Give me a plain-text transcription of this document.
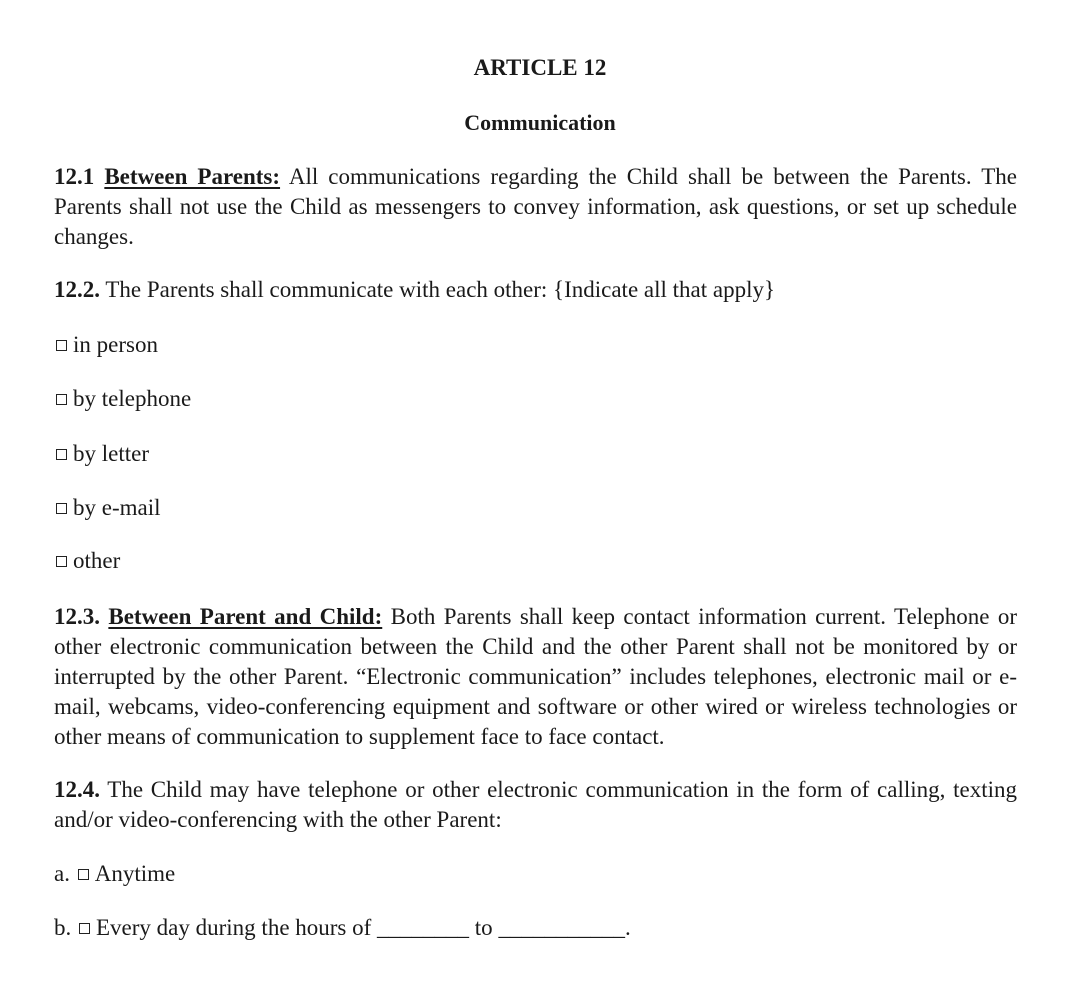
ARTICLE 12
Communication
12.1 Between Parents: All communications regarding the Child shall be between the Parents. The Parents shall not use the Child as messengers to convey information, ask questions, or set up schedule changes.
12.2. The Parents shall communicate with each other: {Indicate all that apply}
in person
by telephone
by letter
by e-mail
other
12.3. Between Parent and Child: Both Parents shall keep contact information current. Telephone or other electronic communication between the Child and the other Parent shall not be monitored by or interrupted by the other Parent. “Electronic communication” includes telephones, electronic mail or e-mail, webcams, video-conferencing equipment and software or other wired or wireless technologies or other means of communication to supplement face to face contact.
12.4. The Child may have telephone or other electronic communication in the form of calling, texting and/or video-conferencing with the other Parent:
a. Anytime
b. Every day during the hours of ________ to ___________.
